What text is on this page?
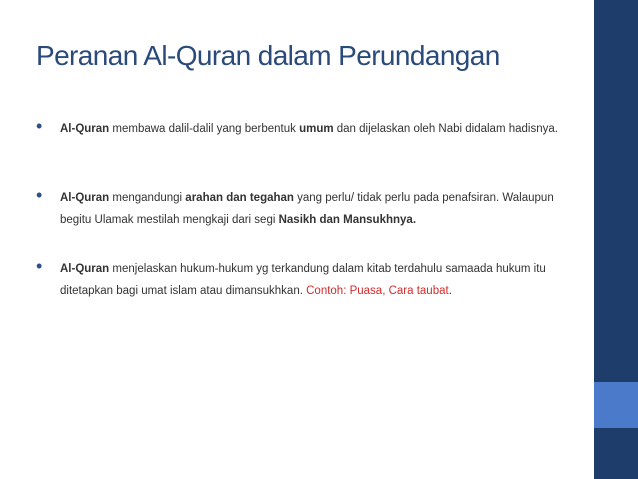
Peranan Al-Quran dalam Perundangan
• Al-Quran membawa dalil-dalil yang berbentuk umum dan dijelaskan oleh Nabi didalam hadisnya.
• Al-Quran mengandungi arahan dan tegahan yang perlu/ tidak perlu pada penafsiran. Walaupun begitu Ulamak mestilah mengkaji dari segi Nasikh dan Mansukhnya.
• Al-Quran menjelaskan hukum-hukum yg terkandung dalam kitab terdahulu samaada hukum itu ditetapkan bagi umat islam atau dimansukhkan. Contoh: Puasa, Cara taubat.
